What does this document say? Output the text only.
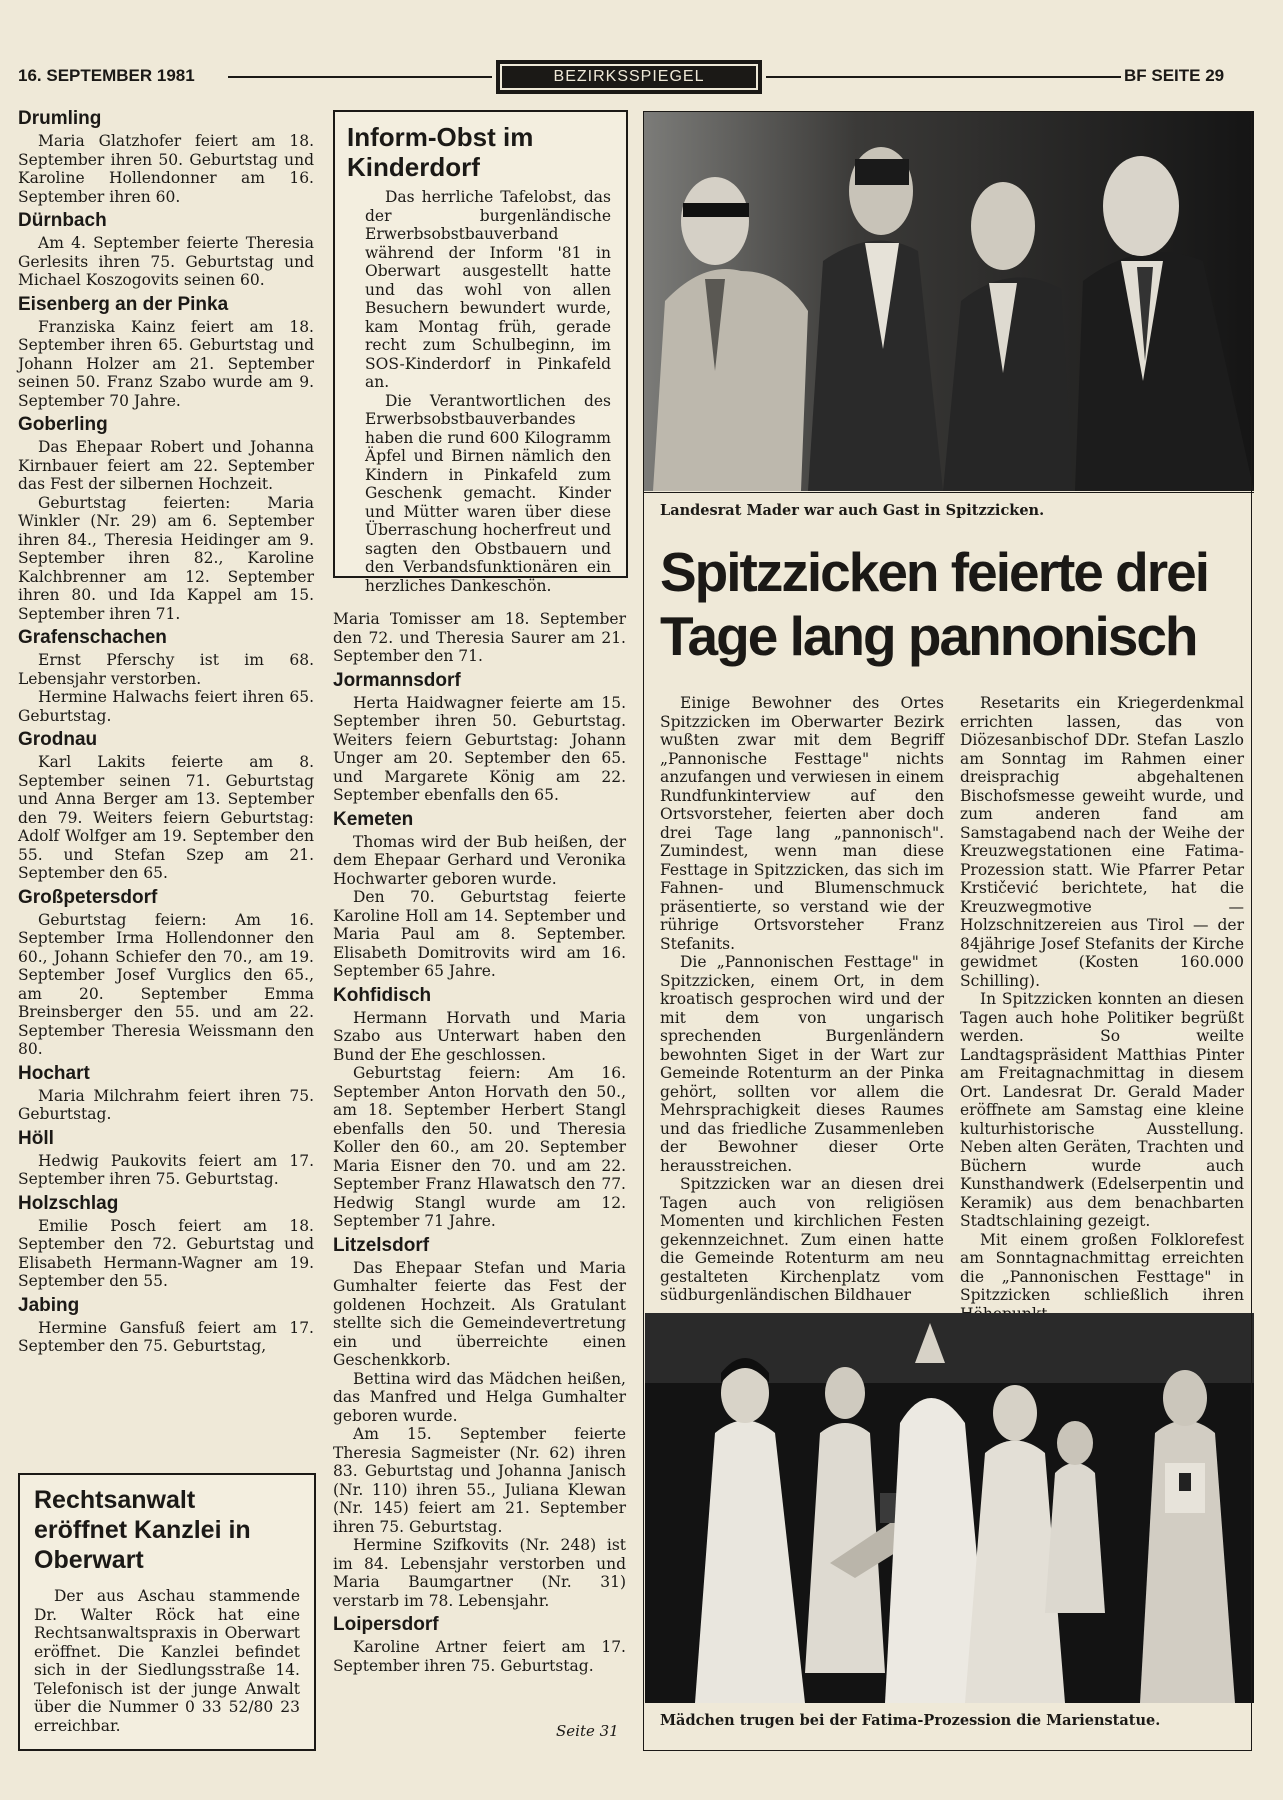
16. SEPTEMBER 1981	BEZIRKSSPIEGEL	BF SEITE 29
Drumling

Maria Glatzhofer feiert am 18. September ihren 50. Geburtstag und Karoline Hollendonner am 16. September ihren 60.

Dürnbach

Am 4. September feierte Theresia Gerlesits ihren 75. Geburtstag und Michael Koszogovits seinen 60.

Eisenberg an der Pinka

Franziska Kainz feiert am 18. September ihren 65. Geburtstag und Johann Holzer am 21. September seinen 50. Franz Szabo wurde am 9. September 70 Jahre.

Goberling

Das Ehepaar Robert und Johanna Kirnbauer feiert am 22. September das Fest der silbernen Hochzeit.

Geburtstag feierten: Maria Winkler (Nr. 29) am 6. September ihren 84., Theresia Heidinger am 9. September ihren 82., Karoline Kalchbrenner am 12. September ihren 80. und Ida Kappel am 15. September ihren 71.

Grafenschachen

Ernst Pferschy ist im 68. Lebensjahr verstorben.

Hermine Halwachs feiert ihren 65. Geburtstag.

Grodnau

Karl Lakits feierte am 8. September seinen 71. Geburtstag und Anna Berger am 13. September den 79. Weiters feiern Geburtstag: Adolf Wolfger am 19. September den 55. und Stefan Szep am 21. September den 65.

Großpetersdorf

Geburtstag feiern: Am 16. September Irma Hollendonner den 60., Johann Schiefer den 70., am 19. September Josef Vurglics den 65., am 20. September Emma Breinsberger den 55. und am 22. September Theresia Weissmann den 80.

Hochart

Maria Milchrahm feiert ihren 75. Geburtstag.

Höll

Hedwig Paukovits feiert am 17. September ihren 75. Geburtstag.

Holzschlag

Emilie Posch feiert am 18. September den 72. Geburtstag und Elisabeth Hermann-Wagner am 19. September den 55.

Jabing

Hermine Gansfuß feiert am 17. September den 75. Geburtstag,

Inform-Obst im Kinderdorf

Das herrliche Tafelobst, das der burgenländische Erwerbsobstbauverband während der Inform '81 in Oberwart ausgestellt hatte und das wohl von allen Besuchern bewundert wurde, kam Montag früh, gerade recht zum Schulbeginn, im SOS-Kinderdorf in Pinkafeld an.

Die Verantwortlichen des Erwerbsobstbauverbandes haben die rund 600 Kilogramm Äpfel und Birnen nämlich den Kindern in Pinkafeld zum Geschenk gemacht. Kinder und Mütter waren über diese Überraschung hocherfreut und sagten den Obstbauern und den Verbandsfunktionären ein herzliches Dankeschön.

Maria Tomisser am 18. September den 72. und Theresia Saurer am 21. September den 71.

Jormannsdorf

Herta Haidwagner feierte am 15. September ihren 50. Geburtstag. Weiters feiern Geburtstag: Johann Unger am 20. September den 65. und Margarete König am 22. September ebenfalls den 65.

Kemeten

Thomas wird der Bub heißen, der dem Ehepaar Gerhard und Veronika Hochwarter geboren wurde.

Den 70. Geburtstag feierte Karoline Holl am 14. September und Maria Paul am 8. September. Elisabeth Domitrovits wird am 16. September 65 Jahre.

Kohfidisch

Hermann Horvath und Maria Szabo aus Unterwart haben den Bund der Ehe geschlossen.

Geburtstag feiern: Am 16. September Anton Horvath den 50., am 18. September Herbert Stangl ebenfalls den 50. und Theresia Koller den 60., am 20. September Maria Eisner den 70. und am 22. September Franz Hlawatsch den 77. Hedwig Stangl wurde am 12. September 71 Jahre.

Litzelsdorf

Das Ehepaar Stefan und Maria Gumhalter feierte das Fest der goldenen Hochzeit. Als Gratulant stellte sich die Gemeindevertretung ein und überreichte einen Geschenkkorb.

Bettina wird das Mädchen heißen, das Manfred und Helga Gumhalter geboren wurde.

Am 15. September feierte Theresia Sagmeister (Nr. 62) ihren 83. Geburtstag und Johanna Janisch (Nr. 110) ihren 55., Juliana Klewan (Nr. 145) feiert am 21. September ihren 75. Geburtstag.

Hermine Szifkovits (Nr. 248) ist im 84. Lebensjahr verstorben und Maria Baumgartner (Nr. 31) verstarb im 78. Lebensjahr.

Loipersdorf

Karoline Artner feiert am 17. September ihren 75. Geburtstag.

Seite 31
Rechtsanwalt eröffnet Kanzlei in Oberwart

Der aus Aschau stammende Dr. Walter Röck hat eine Rechtsanwaltspraxis in Oberwart eröffnet. Die Kanzlei befindet sich in der Siedlungsstraße 14. Telefonisch ist der junge Anwalt über die Nummer 0 33 52/80 23 erreichbar.

Landesrat Mader war auch Gast in Spitzzicken.
Spitzzicken feierte drei Tage lang pannonisch

Einige Bewohner des Ortes Spitzzicken im Oberwarter Bezirk wußten zwar mit dem Begriff „Pannonische Festtage" nichts anzufangen und verwiesen in einem Rundfunkinterview auf den Ortsvorsteher, feierten aber doch drei Tage lang „pannonisch". Zumindest, wenn man diese Festtage in Spitzzicken, das sich im Fahnen- und Blumenschmuck präsentierte, so verstand wie der rührige Ortsvorsteher Franz Stefanits.

Die „Pannonischen Festtage" in Spitzzicken, einem Ort, in dem kroatisch gesprochen wird und der mit dem von ungarisch sprechenden Burgenländern bewohnten Siget in der Wart zur Gemeinde Rotenturm an der Pinka gehört, sollten vor allem die Mehrsprachigkeit dieses Raumes und das friedliche Zusammenleben der Bewohner dieser Orte herausstreichen.

Spitzzicken war an diesen drei Tagen auch von religiösen Momenten und kirchlichen Festen gekennzeichnet. Zum einen hatte die Gemeinde Rotenturm am neu gestalteten Kirchenplatz vom südburgenländischen Bildhauer

Resetarits ein Kriegerdenkmal errichten lassen, das von Diözesanbischof DDr. Stefan Laszlo am Sonntag im Rahmen einer dreisprachig abgehaltenen Bischofsmesse geweiht wurde, und zum anderen fand am Samstagabend nach der Weihe der Kreuzwegstationen eine Fatima-Prozession statt. Wie Pfarrer Petar Krstičević berichtete, hat die Kreuzwegmotive — Holzschnitzereien aus Tirol — der 84jährige Josef Stefanits der Kirche gewidmet (Kosten 160.000 Schilling).

In Spitzzicken konnten an diesen Tagen auch hohe Politiker begrüßt werden. So weilte Landtagspräsident Matthias Pinter am Freitagnachmittag in diesem Ort. Landesrat Dr. Gerald Mader eröffnete am Samstag eine kleine kulturhistorische Ausstellung. Neben alten Geräten, Trachten und Büchern wurde auch Kunsthandwerk (Edelserpentin und Keramik) aus dem benachbarten Stadtschlaining gezeigt.

Mit einem großen Folklorefest am Sonntagnachmittag erreichten die „Pannonischen Festtage" in Spitzzicken schließlich ihren

Mädchen trugen bei der Fatima-Prozession die Marienstatue.
